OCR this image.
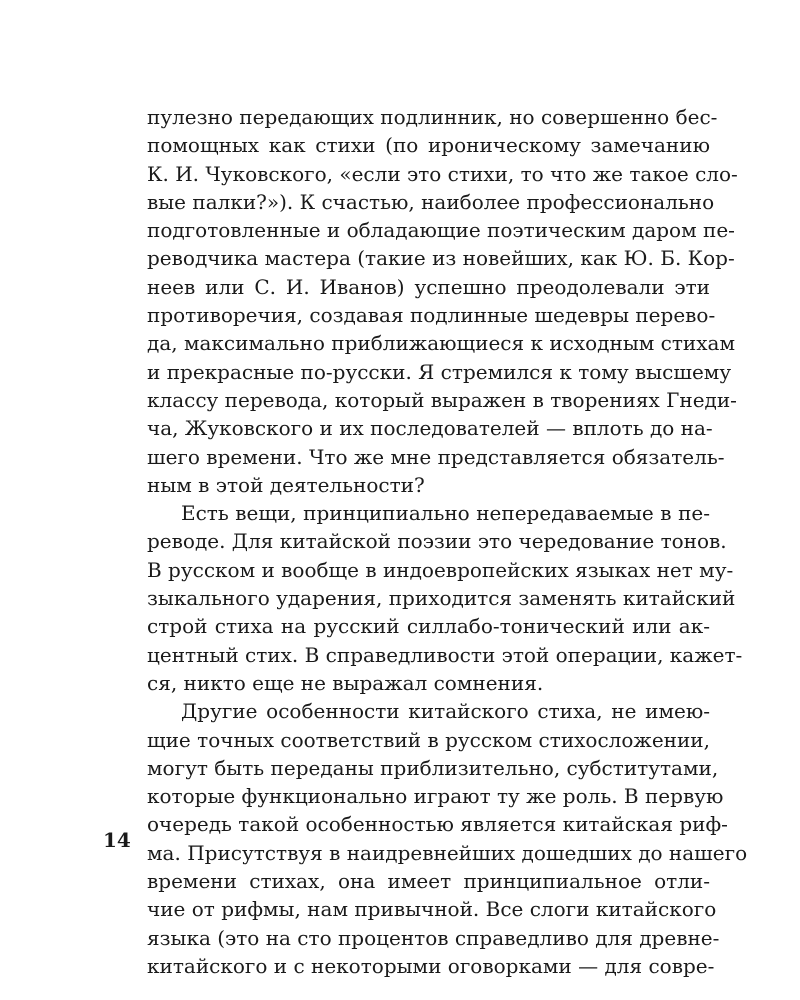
пулезно передающих подлинник, но совершенно бес-
помощных как стихи (по ироническому замечанию
К. И. Чуковского, «если это стихи, то что же такое сло-
вые палки?»). К счастью, наиболее профессионально
подготовленные и обладающие поэтическим даром пе-
реводчика мастера (такие из новейших, как Ю. Б. Кор-
неев или С. И. Иванов) успешно преодолевали эти
противоречия, создавая подлинные шедевры перево-
да, максимально приближающиеся к исходным стихам
и прекрасные по-русски. Я стремился к тому высшему
классу перевода, который выражен в творениях Гнеди-
ча, Жуковского и их последователей — вплоть до на-
шего времени. Что же мне представляется обязатель-
ным в этой деятельности?
Есть вещи, принципиально непередаваемые в пе-
реводе. Для китайской поэзии это чередование тонов.
В русском и вообще в индоевропейских языках нет му-
зыкального ударения, приходится заменять китайский
строй стиха на русский силлабо-тонический или ак-
центный стих. В справедливости этой операции, кажет-
ся, никто еще не выражал сомнения.
Другие особенности китайского стиха, не имею-
щие точных соответствий в русском стихосложении,
могут быть переданы приблизительно, субститутами,
которые функционально играют ту же роль. В первую
очередь такой особенностью является китайская риф-
ма. Присутствуя в наидревнейших дошедших до нашего
времени стихах, она имеет принципиальное отли-
чие от рифмы, нам привычной. Все слоги китайского
языка (это на сто процентов справедливо для древне-
китайского и с некоторыми оговорками — для совре-
14
